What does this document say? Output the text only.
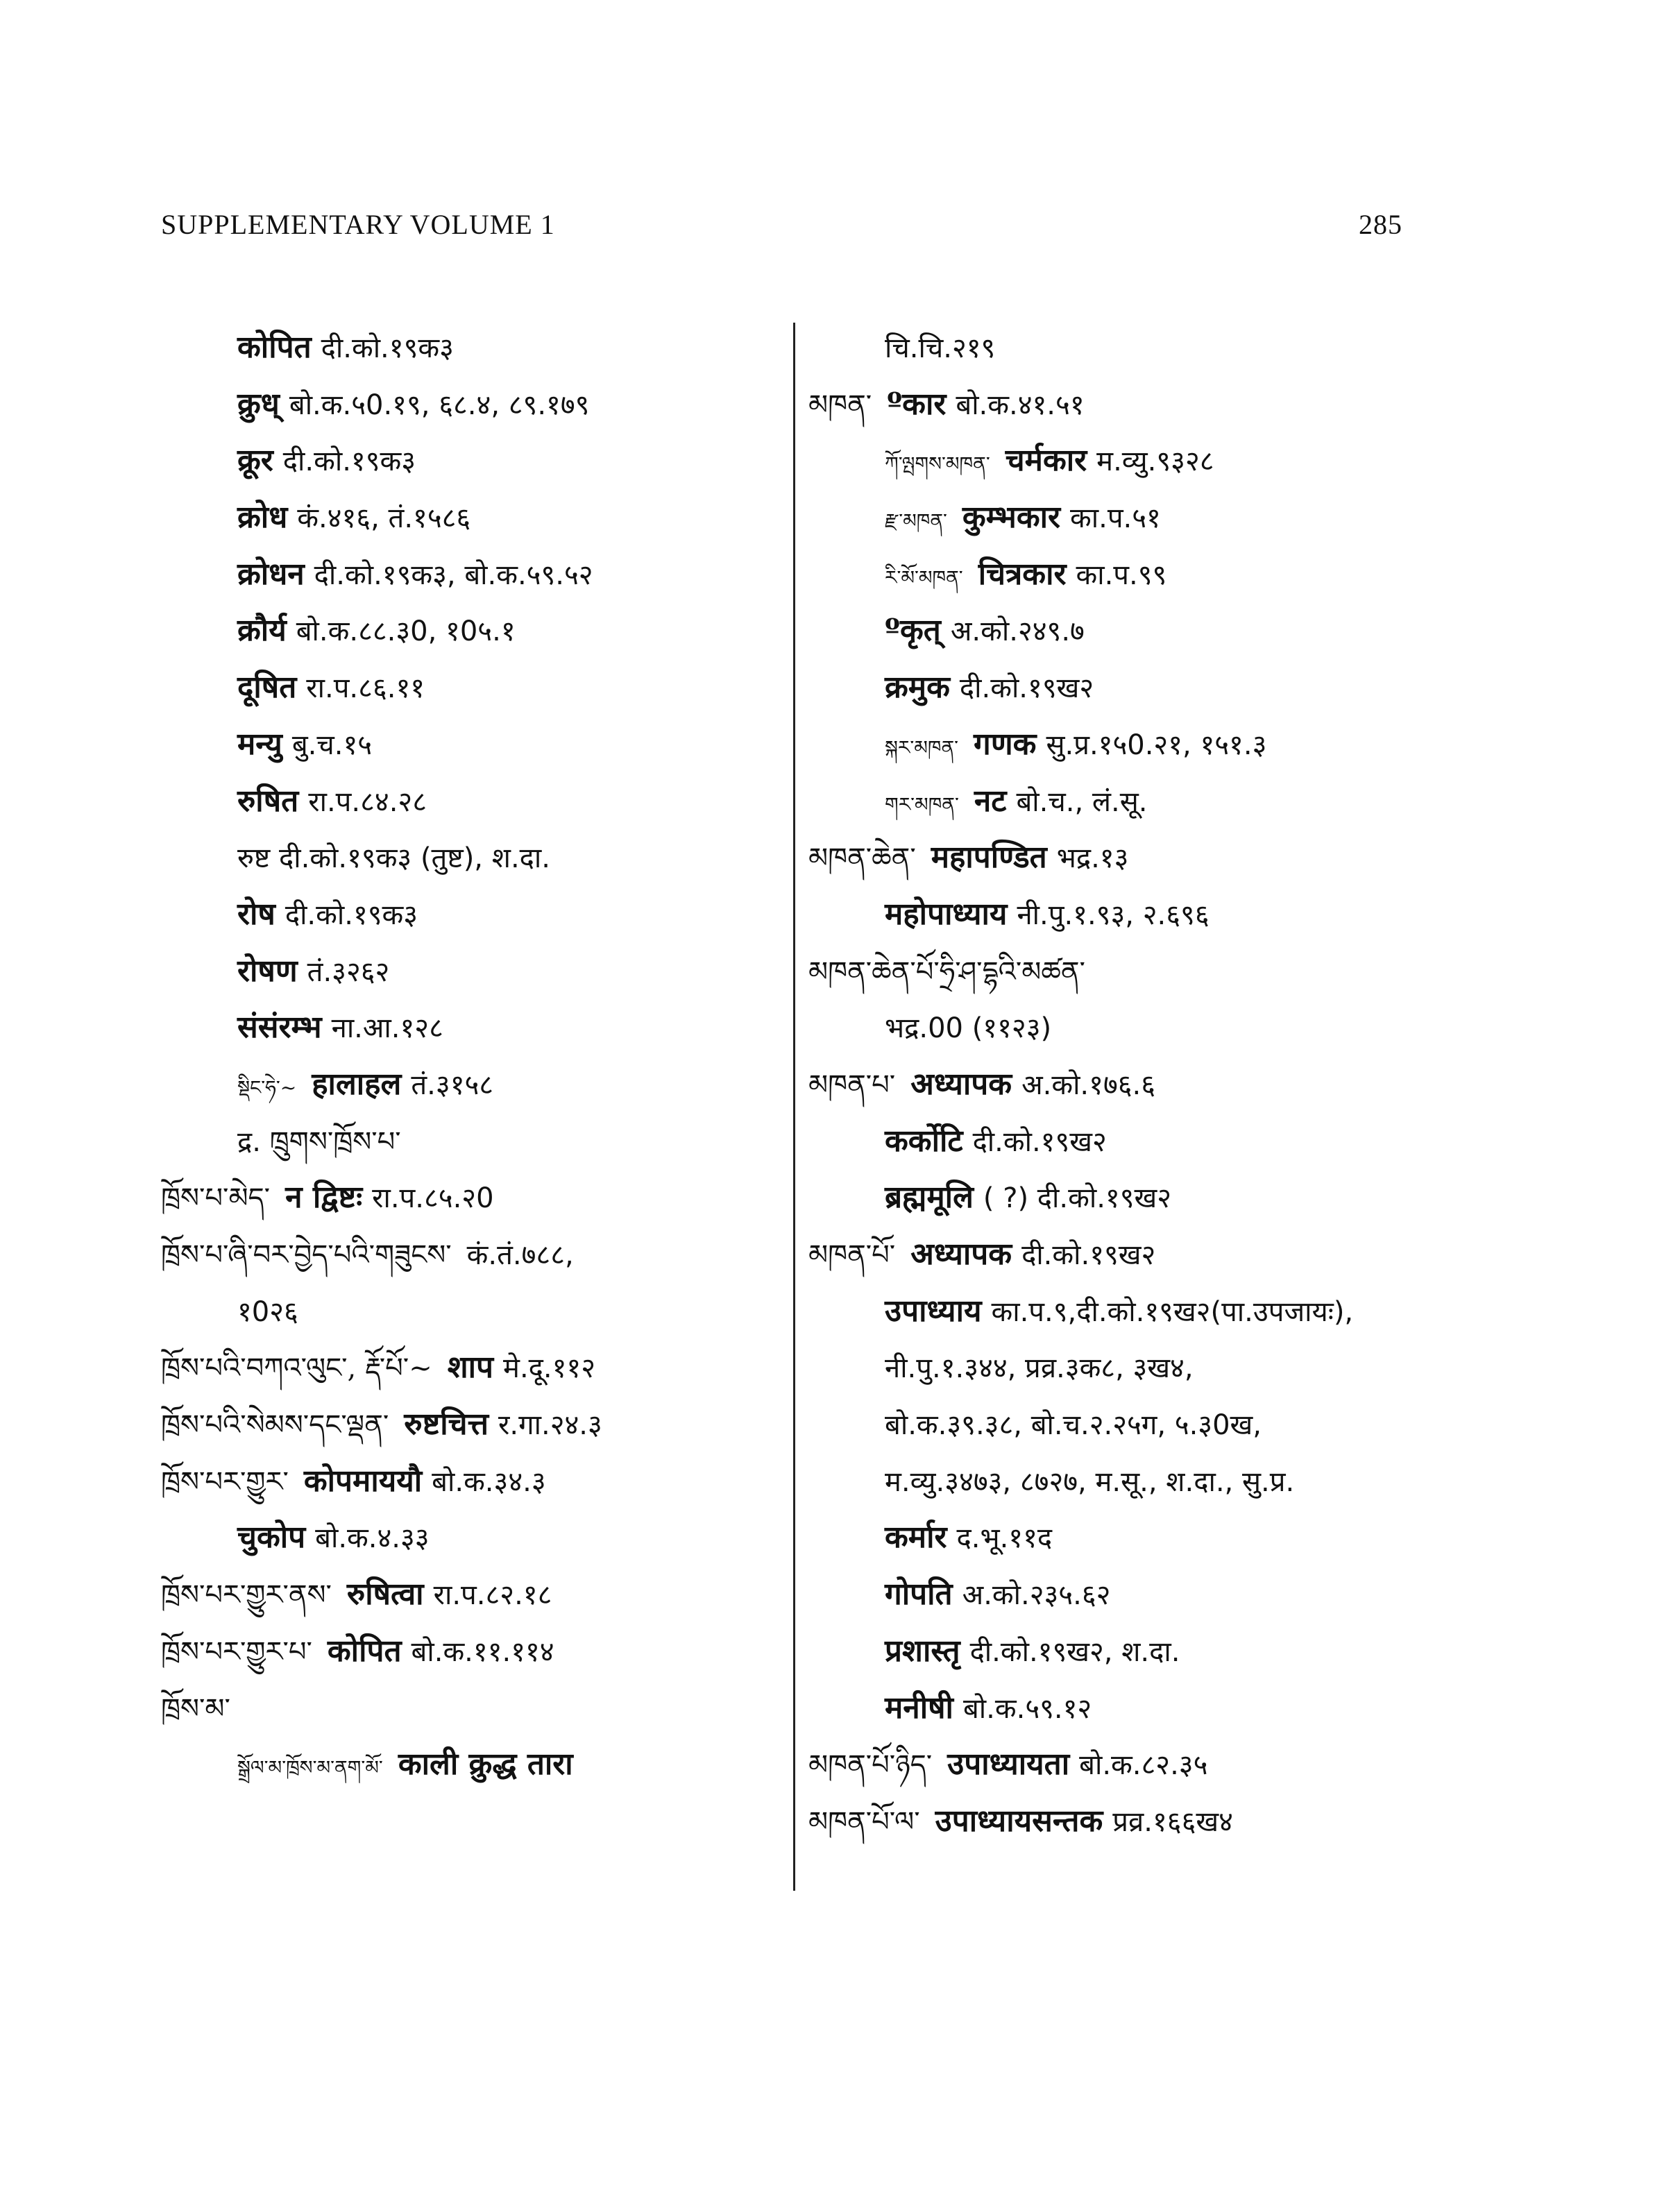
SUPPLEMENTARY VOLUME 1	285
कोपित दी.को.१९क३
क्रुध् बो.क.५0.१९, ६८.४, ८९.१७९
क्रूर दी.को.१९क३
क्रोध कं.४१६, तं.१५८६
क्रोधन दी.को.१९क३, बो.क.५९.५२
क्रौर्य बो.क.८८.३0, १0५.१
दूषित रा.प.८६.११
मन्यु बु.च.१५
रुषित रा.प.८४.२८
रुष्ट दी.को.१९क३ (तुष्ट), श.दा.
रोष दी.को.१९क३
रोषण तं.३२६२
संसंरम्भ ना.आ.१२८
སྡིང་ཧེ་~ हालाहल तं.३१५८
द्र. ཁྲུགས་ཁྲོས་པ་
ཁྲོས་པ་མེད་ न द्विष्टः रा.प.८५.२0
ཁྲོས་པ་ཞི་བར་བྱེད་པའི་གཟུངས་ कं.तं.७८८,
१0२६
ཁྲོས་པའི་བཀའ་ལུང་, རྡོ་པོ་~ शाप मे.दू.११२
ཁྲོས་པའི་སེམས་དང་ལྡན་ रुष्टचित्त र.गा.२४.३
ཁྲོས་པར་གྱུར་ कोपमाययौ बो.क.३४.३
चुकोप बो.क.४.३३
ཁྲོས་པར་གྱུར་ནས་ रुषित्वा रा.प.८२.१८
ཁྲོས་པར་གྱུར་པ་ कोपित बो.क.११.११४
ཁྲོས་མ་
སྒྲོལ་མ་ཁྲོས་མ་ནག་མོ་ काली क्रुद्ध तारा
चि.चि.२१९
མཁན་ ºकार बो.क.४१.५१
ཀོ་ལྤགས་མཁན་ चर्मकार म.व्यु.९३२८
རྫ་མཁན་ कुम्भकार का.प.५१
རི་མོ་མཁན་ चित्रकार का.प.९९
ºकृत् अ.को.२४९.७
क्रमुक दी.को.१९ख२
སྐར་མཁན་ गणक सु.प्र.१५0.२१, १५१.३
གར་མཁན་ नट बो.च., लं.सू.
མཁན་ཆེན་ महापण्डित भद्र.१३
महोपाध्याय नी.पु.१.९३, २.६९६
མཁན་ཆེན་པོ་ཧྲི་ཤ་དྷའི་མཚན་
भद्र.00 (११२३)
མཁན་པ་ अध्यापक अ.को.१७६.६
कर्कोटि दी.को.१९ख२
ब्रह्ममूलि ( ?) दी.को.१९ख२
མཁན་པོ་ अध्यापक दी.को.१९ख२
उपाध्याय का.प.९,दी.को.१९ख२(पा.उपजायः),
नी.पु.१.३४४, प्रव्र.३क८, ३ख४,
बो.क.३९.३८, बो.च.२.२५ग, ५.३0ख,
म.व्यु.३४७३, ८७२७, म.सू., श.दा., सु.प्र.
कर्मार द.भू.११द
गोपति अ.को.२३५.६२
प्रशास्तृ दी.को.१९ख२, श.दा.
मनीषी बो.क.५९.१२
མཁན་པོ་ཉིད་ उपाध्यायता बो.क.८२.३५
མཁན་པོ་ལ་ उपाध्यायसन्तक प्रव्र.१६६ख४
